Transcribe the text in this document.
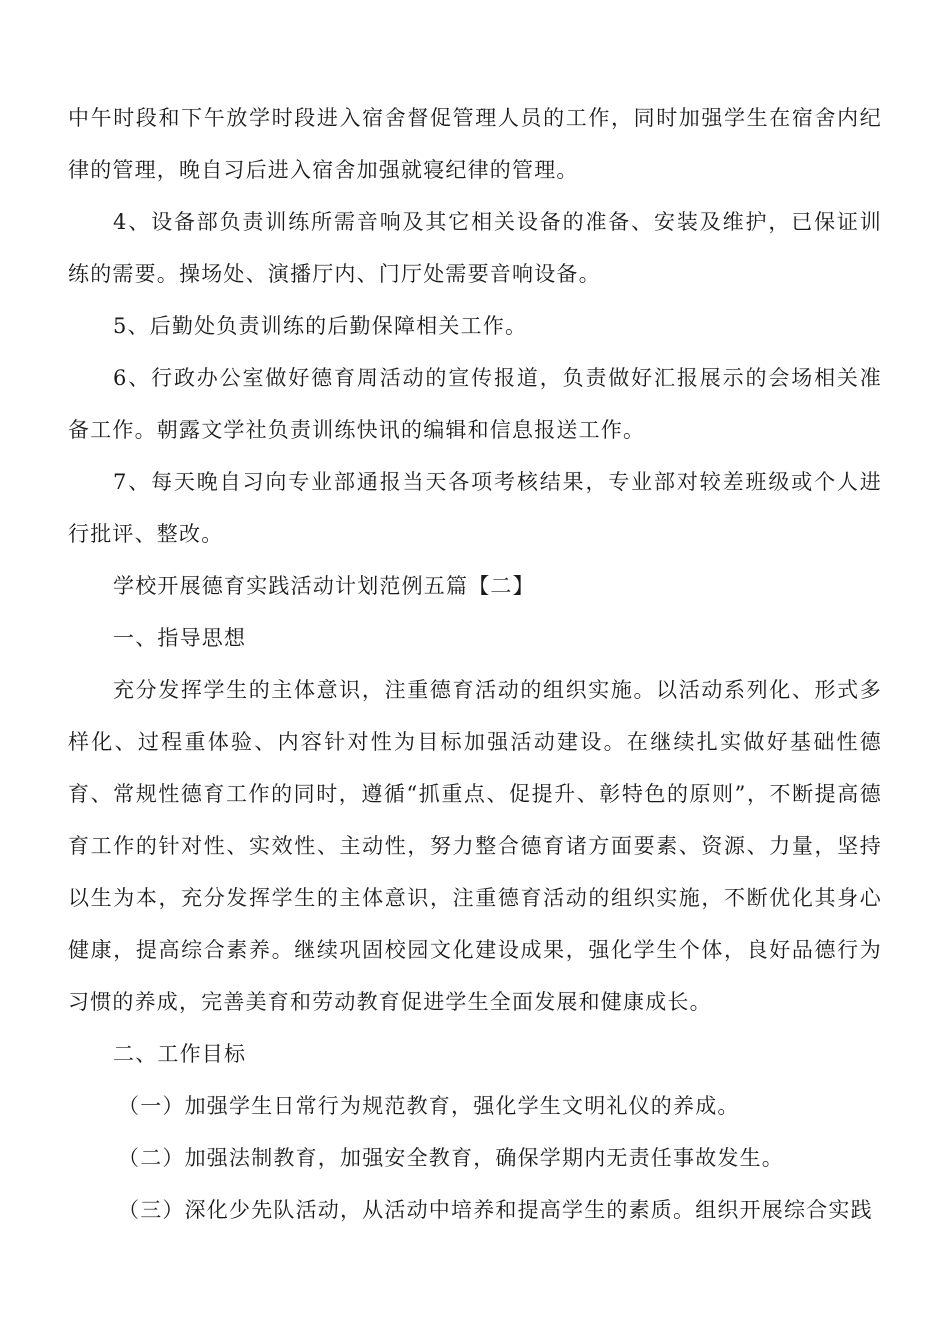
中午时段和下午放学时段进入宿舍督促管理人员的工作，同时加强学生在宿舍内纪律的管理，晚自习后进入宿舍加强就寝纪律的管理。

4、设备部负责训练所需音响及其它相关设备的准备、安装及维护，已保证训练的需要。操场处、演播厅内、门厅处需要音响设备。

5、后勤处负责训练的后勤保障相关工作。

6、行政办公室做好德育周活动的宣传报道，负责做好汇报展示的会场相关准备工作。朝露文学社负责训练快讯的编辑和信息报送工作。

7、每天晚自习向专业部通报当天各项考核结果，专业部对较差班级或个人进行批评、整改。

学校开展德育实践活动计划范例五篇【二】

一、指导思想

充分发挥学生的主体意识，注重德育活动的组织实施。以活动系列化、形式多样化、过程重体验、内容针对性为目标加强活动建设。在继续扎实做好基础性德育、常规性德育工作的同时，遵循“抓重点、促提升、彰特色的原则”，不断提高德育工作的针对性、实效性、主动性，努力整合德育诸方面要素、资源、力量，坚持以生为本，充分发挥学生的主体意识，注重德育活动的组织实施，不断优化其身心健康，提高综合素养。继续巩固校园文化建设成果，强化学生个体，良好品德行为习惯的养成，完善美育和劳动教育促进学生全面发展和健康成长。

二、工作目标

（一）加强学生日常行为规范教育，强化学生文明礼仪的养成。

（二）加强法制教育，加强安全教育，确保学期内无责任事故发生。

（三）深化少先队活动，从活动中培养和提高学生的素质。组织开展综合实践
